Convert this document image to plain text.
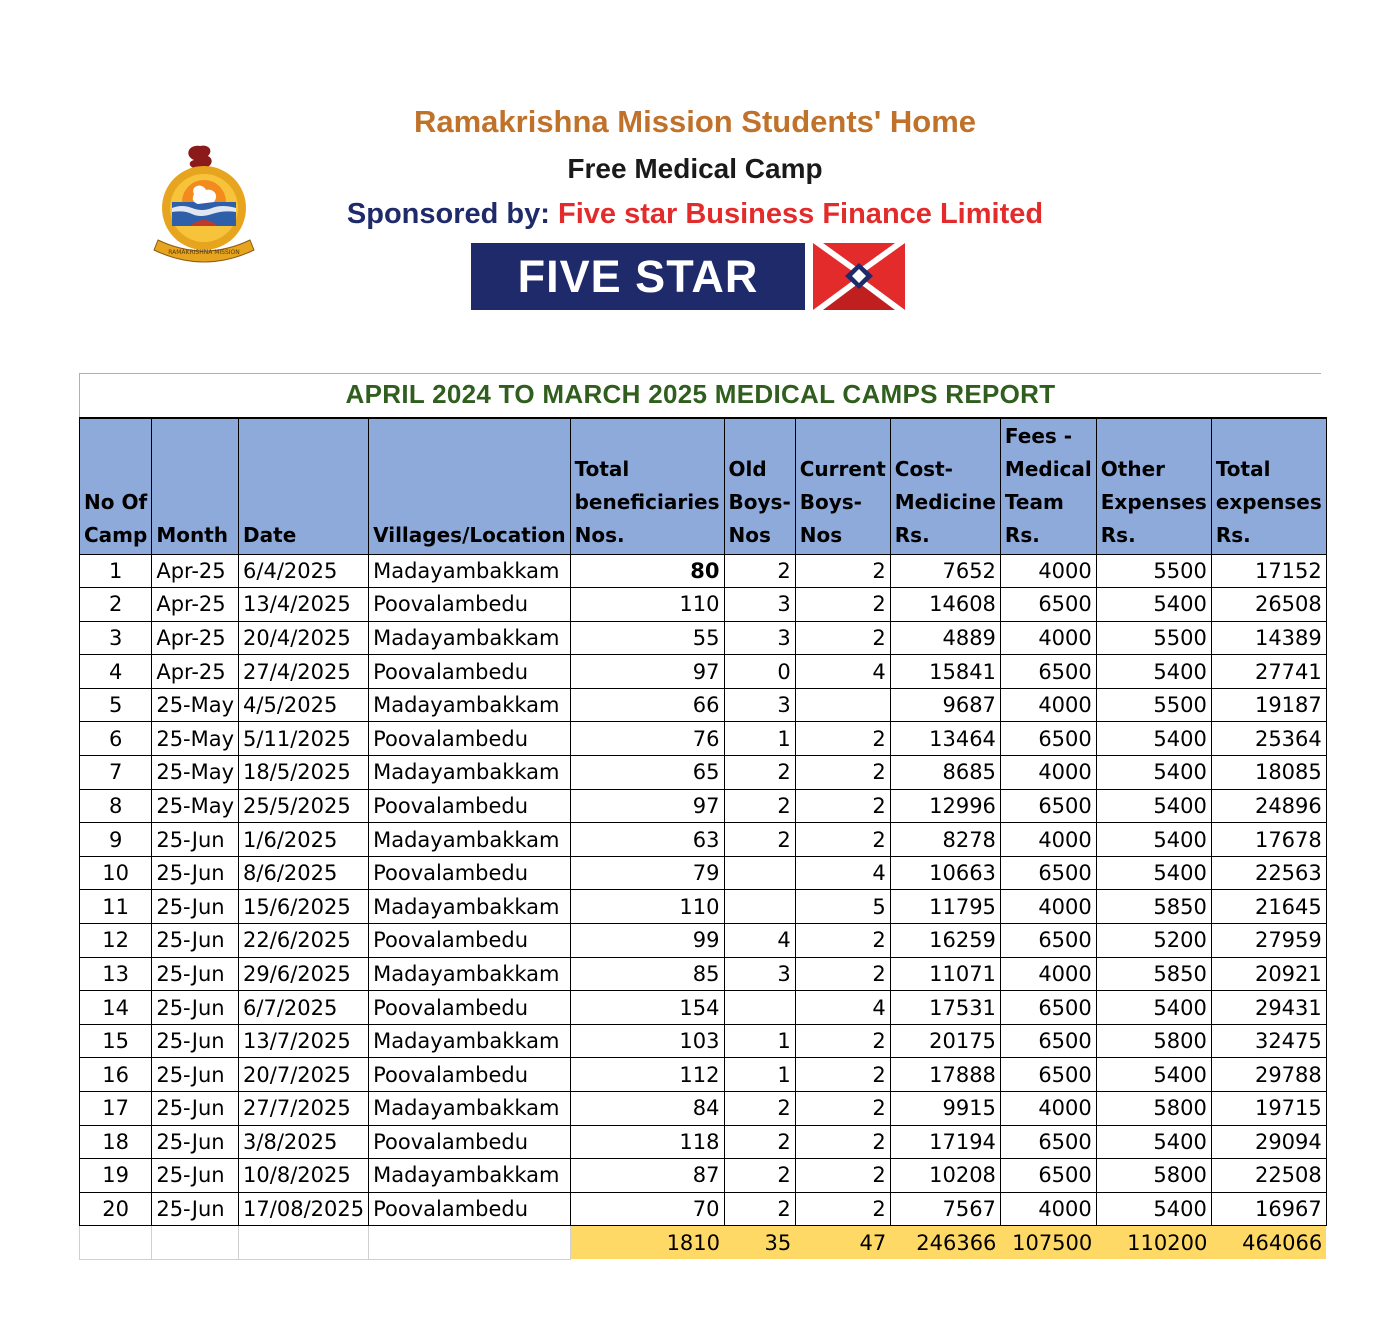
RAMAKRISHNA MISSION
Ramakrishna Mission Students' Home
Free Medical Camp
Sponsored by: Five star Business Finance Limited
FIVE STAR
APRIL 2024 TO MARCH 2025 MEDICAL CAMPS REPORT
No Of Camp	Month	Date	Villages/Location	Total beneficiaries Nos.	Old Boys-Nos	Current Boys-Nos	Cost-Medicine Rs.	Fees - Medical Team Rs.	Other Expenses Rs.	Total expenses Rs.
1	Apr-25	6/4/2025	Madayambakkam	80	2	2	7652	4000	5500	17152
2	Apr-25	13/4/2025	Poovalambedu	110	3	2	14608	6500	5400	26508
3	Apr-25	20/4/2025	Madayambakkam	55	3	2	4889	4000	5500	14389
4	Apr-25	27/4/2025	Poovalambedu	97	0	4	15841	6500	5400	27741
5	25-May	4/5/2025	Madayambakkam	66	3		9687	4000	5500	19187
6	25-May	5/11/2025	Poovalambedu	76	1	2	13464	6500	5400	25364
7	25-May	18/5/2025	Madayambakkam	65	2	2	8685	4000	5400	18085
8	25-May	25/5/2025	Poovalambedu	97	2	2	12996	6500	5400	24896
9	25-Jun	1/6/2025	Madayambakkam	63	2	2	8278	4000	5400	17678
10	25-Jun	8/6/2025	Poovalambedu	79		4	10663	6500	5400	22563
11	25-Jun	15/6/2025	Madayambakkam	110		5	11795	4000	5850	21645
12	25-Jun	22/6/2025	Poovalambedu	99	4	2	16259	6500	5200	27959
13	25-Jun	29/6/2025	Madayambakkam	85	3	2	11071	4000	5850	20921
14	25-Jun	6/7/2025	Poovalambedu	154		4	17531	6500	5400	29431
15	25-Jun	13/7/2025	Madayambakkam	103	1	2	20175	6500	5800	32475
16	25-Jun	20/7/2025	Poovalambedu	112	1	2	17888	6500	5400	29788
17	25-Jun	27/7/2025	Madayambakkam	84	2	2	9915	4000	5800	19715
18	25-Jun	3/8/2025	Poovalambedu	118	2	2	17194	6500	5400	29094
19	25-Jun	10/8/2025	Madayambakkam	87	2	2	10208	6500	5800	22508
20	25-Jun	17/08/2025	Poovalambedu	70	2	2	7567	4000	5400	16967
				1810	35	47	246366	107500	110200	464066
